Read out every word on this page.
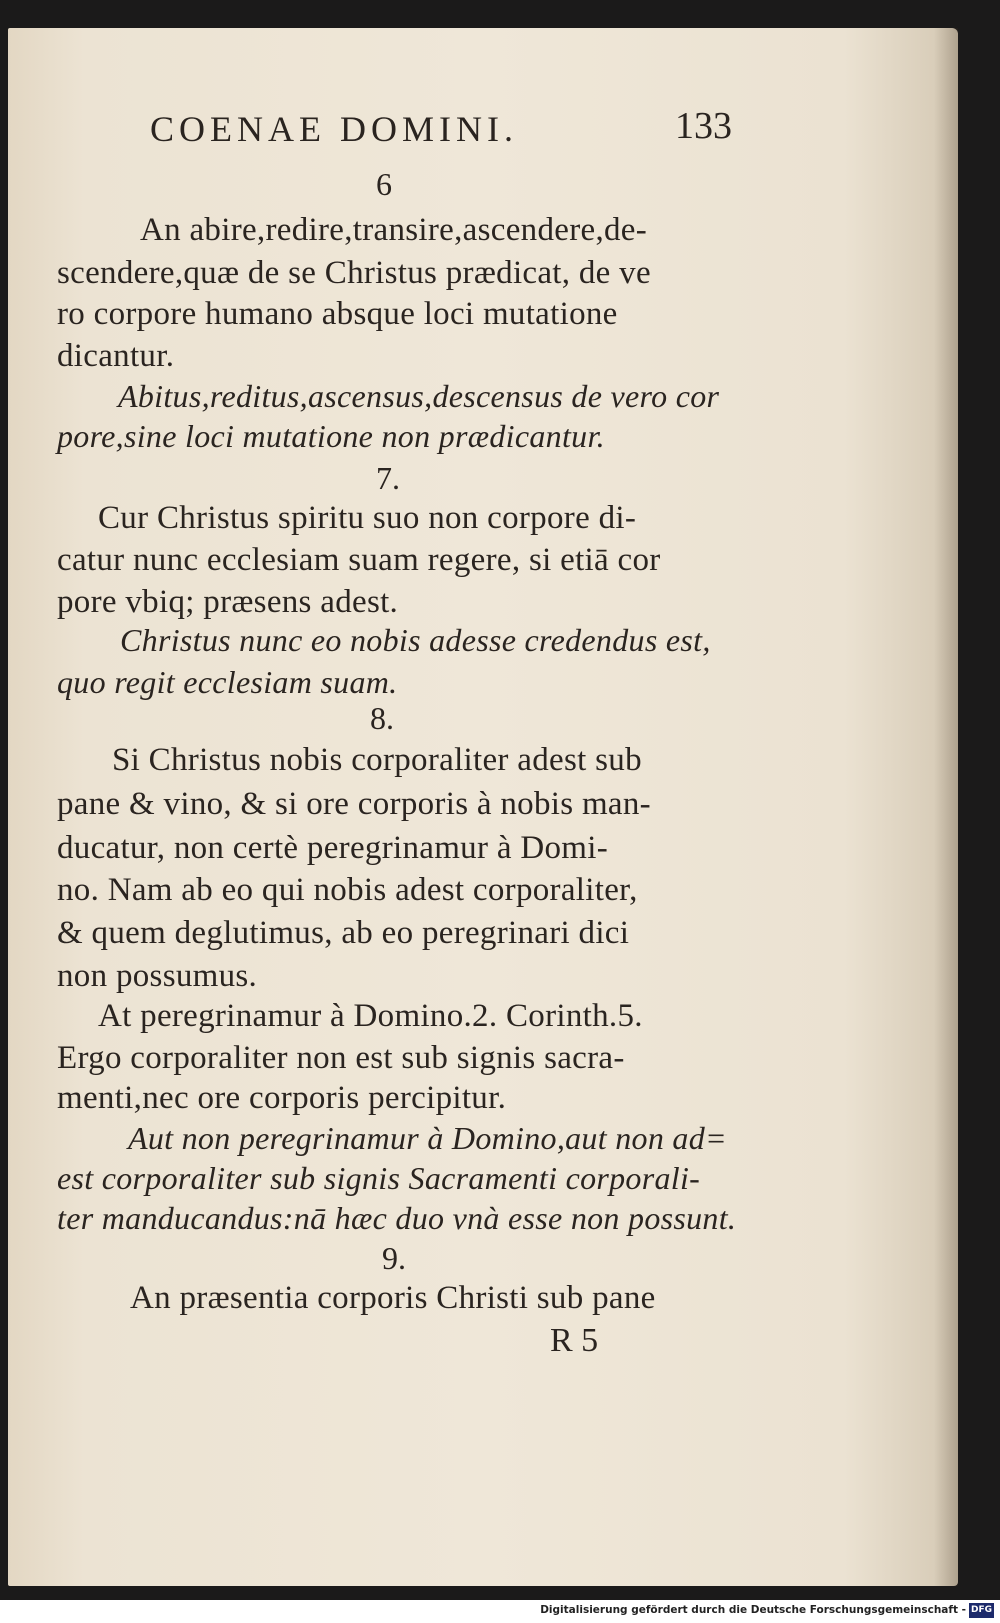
COENAE DOMINI.	133
6
An abire,redire,transire,ascendere,de-
scendere,quæ de se Christus prædicat, de ve
ro corpore humano absque loci mutatione
dicantur.
Abitus,reditus,ascensus,descensus de vero cor
pore,sine loci mutatione non prædicantur.
7.
Cur Christus spiritu suo non corpore di-
catur nunc ecclesiam suam regere, si etiā cor
pore vbiq; præsens adest.
Christus nunc eo nobis adesse credendus est,
quo regit ecclesiam suam.
8.
Si Christus nobis corporaliter adest sub
pane & vino, & si ore corporis à nobis man-
ducatur, non certè peregrinamur à Domi-
no. Nam ab eo qui nobis adest corporaliter,
& quem deglutimus, ab eo peregrinari dici
non possumus.
At peregrinamur à Domino.2. Corinth.5.
Ergo corporaliter non est sub signis sacra-
menti,nec ore corporis percipitur.
Aut non peregrinamur à Domino,aut non ad=
est corporaliter sub signis Sacramenti corporali-
ter manducandus:nā hæc duo vnà esse non possunt.
9.
An præsentia corporis Christi sub pane
R 5
Digitalisierung gefördert durch die Deutsche Forschungsgemeinschaft - DFG
